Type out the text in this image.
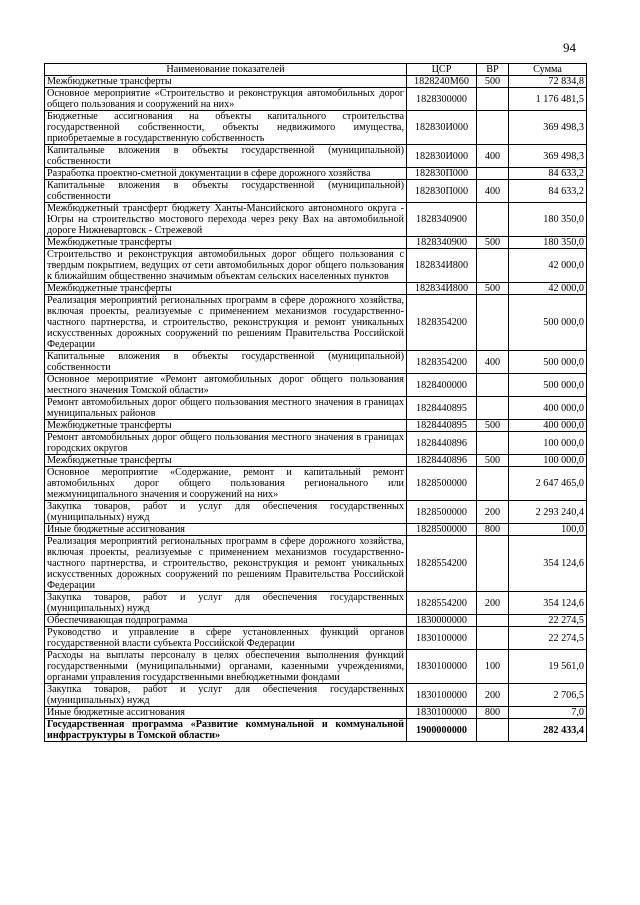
94
Наименование показателей	ЦСР	ВР	Сумма
Межбюджетные трансферты	1828240М60	500	72 834,8
Основное мероприятие «Строительство и реконструкция автомобильных дорог общего пользования и сооружений на них»	1828300000		1 176 481,5
Бюджетные ассигнования на объекты капитального строительства государственной собственности, объекты недвижимого имущества, приобретаемые в государственную собственность	182830И000		369 498,3
Капитальные вложения в объекты государственной (муниципальной) собственности	182830И000	400	369 498,3
Разработка проектно-сметной документации в сфере дорожного хозяйства	182830П000		84 633,2
Капитальные вложения в объекты государственной (муниципальной) собственности	182830П000	400	84 633,2
Межбюджетный трансферт бюджету Ханты-Мансийского автономного округа - Югры на строительство мостового перехода через реку Вах на автомобильной дороге Нижневартовск - Стрежевой	1828340900		180 350,0
Межбюджетные трансферты	1828340900	500	180 350,0
Строительство и реконструкция автомобильных дорог общего пользования с твердым покрытием, ведущих от сети автомобильных дорог общего пользования к ближайшим общественно значимым объектам сельских населенных пунктов	182834И800		42 000,0
Межбюджетные трансферты	182834И800	500	42 000,0
Реализация мероприятий региональных программ в сфере дорожного хозяйства, включая проекты, реализуемые с применением механизмов государственно-частного партнерства, и строительство, реконструкция и ремонт уникальных искусственных дорожных сооружений по решениям Правительства Российской Федерации	1828354200		500 000,0
Капитальные вложения в объекты государственной (муниципальной) собственности	1828354200	400	500 000,0
Основное мероприятие «Ремонт автомобильных дорог общего пользования местного значения Томской области»	1828400000		500 000,0
Ремонт автомобильных дорог общего пользования местного значения в границах муниципальных районов	1828440895		400 000,0
Межбюджетные трансферты	1828440895	500	400 000,0
Ремонт автомобильных дорог общего пользования местного значения в границах городских округов	1828440896		100 000,0
Межбюджетные трансферты	1828440896	500	100 000,0
Основное мероприятие «Содержание, ремонт и капитальный ремонт автомобильных дорог общего пользования регионального или межмуниципального значения и сооружений на них»	1828500000		2 647 465,0
Закупка товаров, работ и услуг для обеспечения государственных (муниципальных) нужд	1828500000	200	2 293 240,4
Иные бюджетные ассигнования	1828500000	800	100,0
Реализация мероприятий региональных программ в сфере дорожного хозяйства, включая проекты, реализуемые с применением механизмов государственно-частного партнерства, и строительство, реконструкция и ремонт уникальных искусственных дорожных сооружений по решениям Правительства Российской Федерации	1828554200		354 124,6
Закупка товаров, работ и услуг для обеспечения государственных (муниципальных) нужд	1828554200	200	354 124,6
Обеспечивающая подпрограмма	1830000000		22 274,5
Руководство и управление в сфере установленных функций органов государственной власти субъекта Российской Федерации	1830100000		22 274,5
Расходы на выплаты персоналу в целях обеспечения выполнения функций государственными (муниципальными) органами, казенными учреждениями, органами управления государственными внебюджетными фондами	1830100000	100	19 561,0
Закупка товаров, работ и услуг для обеспечения государственных (муниципальных) нужд	1830100000	200	2 706,5
Иные бюджетные ассигнования	1830100000	800	7,0
Государственная программа «Развитие коммунальной и коммунальной инфраструктуры в Томской области»	1900000000		282 433,4
